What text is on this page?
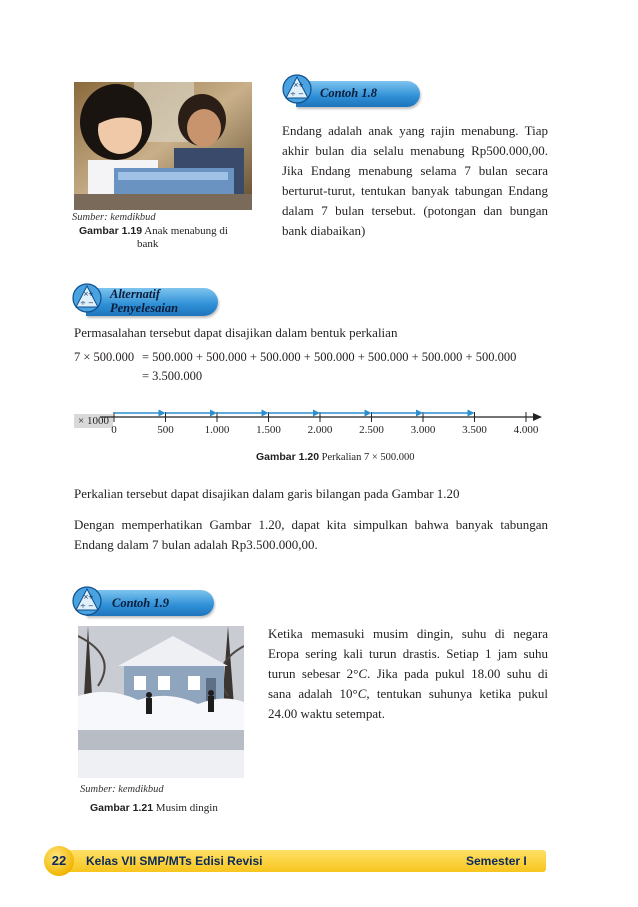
Sumber: kemdikbud
Gambar 1.19 Anak menabung di
bank
× +
÷ − Contoh 1.8
Endang adalah anak yang rajin menabung. Tiap akhir bulan dia selalu menabung Rp500.000,00. Jika Endang menabung selama 7 bulan secara berturut-turut, tentukan banyak tabungan Endang dalam 7 bulan tersebut. (potongan dan bungan bank diabaikan)
× +
÷ −
Alternatif
Penyelesaian
Permasalahan tersebut dapat disajikan dalam bentuk perkalian
7 × 500.000 = 500.000 + 500.000 + 500.000 + 500.000 + 500.000 + 500.000 + 500.000
= 3.500.000
× 1000
0	500	1.000 1.500 2.000 2.500 3.000 3.500 4.000
Gambar 1.20 Perkalian 7 × 500.000
Perkalian tersebut dapat disajikan dalam garis bilangan pada Gambar 1.20
Dengan memperhatikan Gambar 1.20, dapat kita simpulkan bahwa banyak tabungan Endang dalam 7 bulan adalah Rp3.500.000,00.
× +
÷ − Contoh 1.9
Sumber: kemdikbud
Gambar 1.21 Musim dingin
Ketika memasuki musim dingin, suhu di negara Eropa sering kali turun drastis. Setiap 1 jam suhu turun sebesar 2°C. Jika pada pukul 18.00 suhu di sana adalah 10°C, tentukan suhunya ketika pukul 24.00 waktu setempat.
22	Kelas VII SMP/MTs Edisi Revisi	Semester I
